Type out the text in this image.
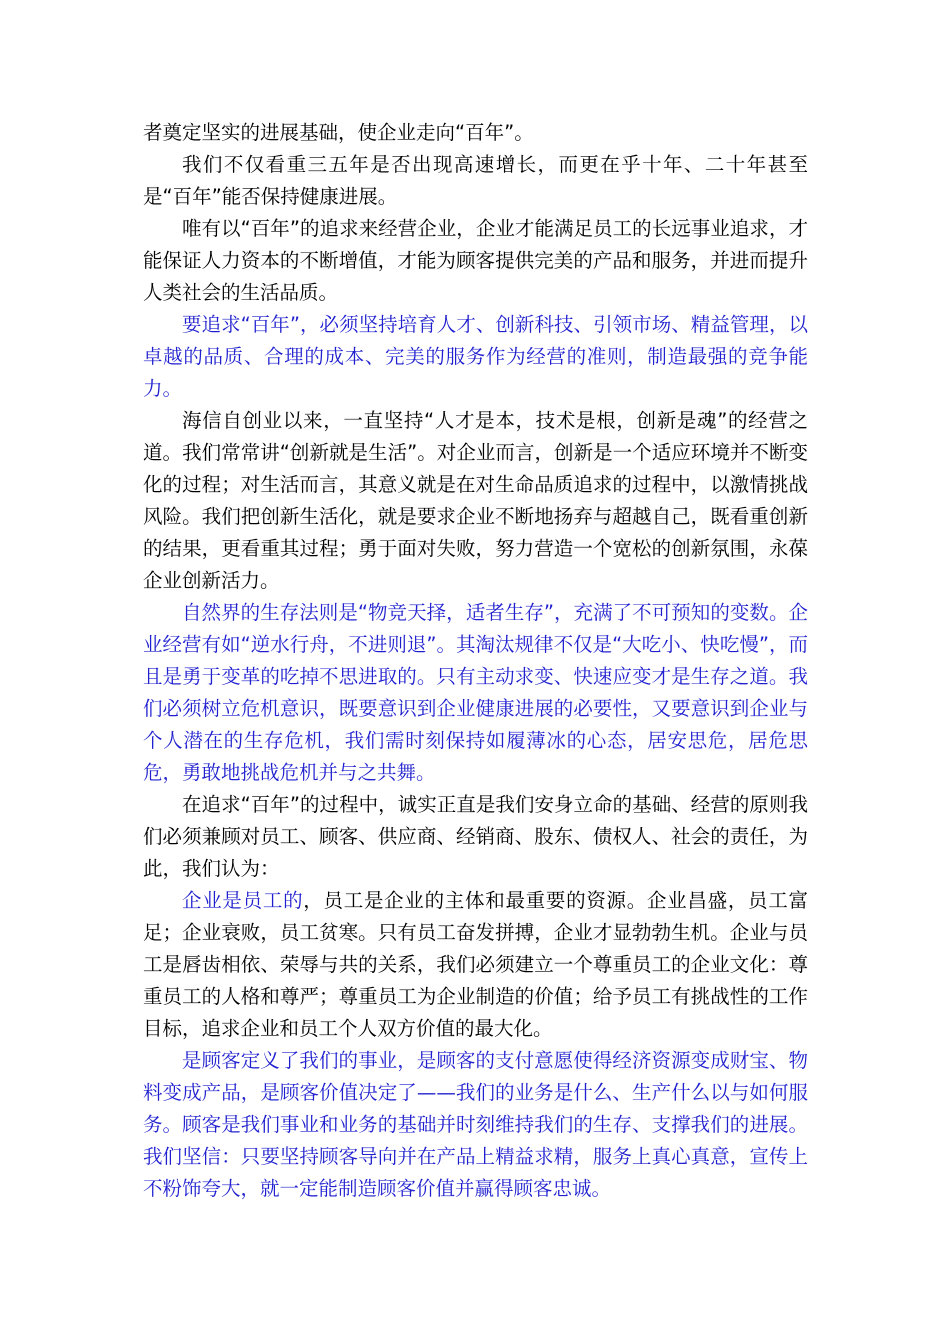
者奠定坚实的进展基础，使企业走向“百年”。

我们不仅看重三五年是否出现高速增长，而更在乎十年、二十年甚至是“百年”能否保持健康进展。

唯有以“百年”的追求来经营企业，企业才能满足员工的长远事业追求，才能保证人力资本的不断增值，才能为顾客提供完美的产品和服务，并进而提升人类社会的生活品质。

要追求“百年”，必须坚持培育人才、创新科技、引领市场、精益管理，以卓越的品质、合理的成本、完美的服务作为经营的准则，制造最强的竞争能力。

海信自创业以来，一直坚持“人才是本，技术是根，创新是魂”的经营之道。我们常常讲“创新就是生活”。对企业而言，创新是一个适应环境并不断变化的过程；对生活而言，其意义就是在对生命品质追求的过程中，以激情挑战风险。我们把创新生活化，就是要求企业不断地扬弃与超越自己，既看重创新的结果，更看重其过程；勇于面对失败，努力营造一个宽松的创新氛围，永葆企业创新活力。

自然界的生存法则是“物竞天择，适者生存”，充满了不可预知的变数。企业经营有如“逆水行舟，不进则退”。其淘汰规律不仅是“大吃小、快吃慢”，而且是勇于变革的吃掉不思进取的。只有主动求变、快速应变才是生存之道。我们必须树立危机意识，既要意识到企业健康进展的必要性，又要意识到企业与个人潜在的生存危机，我们需时刻保持如履薄冰的心态，居安思危，居危思危，勇敢地挑战危机并与之共舞。

在追求“百年”的过程中，诚实正直是我们安身立命的基础、经营的原则我们必须兼顾对员工、顾客、供应商、经销商、股东、债权人、社会的责任，为此，我们认为：

企业是员工的，员工是企业的主体和最重要的资源。企业昌盛，员工富足；企业衰败，员工贫寒。只有员工奋发拼搏，企业才显勃勃生机。企业与员工是唇齿相依、荣辱与共的关系，我们必须建立一个尊重员工的企业文化：尊重员工的人格和尊严；尊重员工为企业制造的价值；给予员工有挑战性的工作目标，追求企业和员工个人双方价值的最大化。

是顾客定义了我们的事业，是顾客的支付意愿使得经济资源变成财宝、物料变成产品，是顾客价值决定了——我们的业务是什么、生产什么以与如何服务。顾客是我们事业和业务的基础并时刻维持我们的生存、支撑我们的进展。我们坚信：只要坚持顾客导向并在产品上精益求精，服务上真心真意，宣传上不粉饰夸大，就一定能制造顾客价值并赢得顾客忠诚。
